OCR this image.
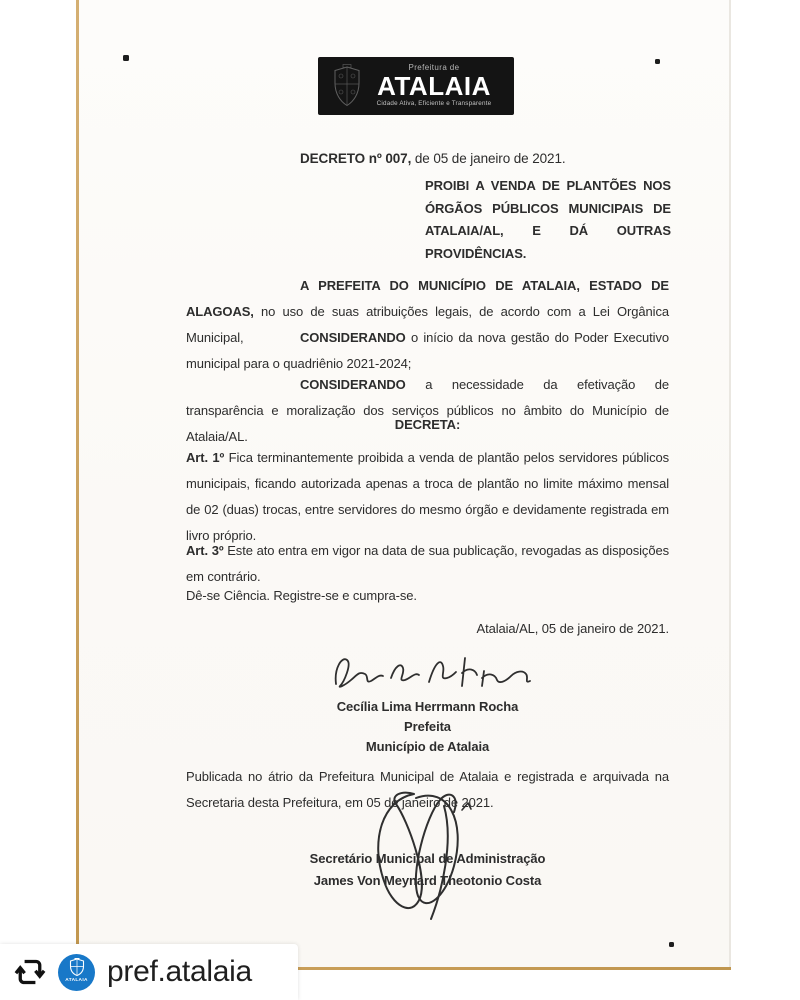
Prefeitura de
ATALAIA
Cidade Ativa, Eficiente e Transparente

DECRETO nº 007, de 05 de janeiro de 2021.

PROIBI A VENDA DE PLANTÕES NOS ÓRGÃOS PÚBLICOS MUNICIPAIS DE ATALAIA/AL, E DÁ OUTRAS PROVIDÊNCIAS.

A PREFEITA DO MUNICÍPIO DE ATALAIA, ESTADO DE ALAGOAS, no uso de suas atribuições legais, de acordo com a Lei Orgânica Municipal,	CONSIDERANDO o início da nova gestão do Poder Executivo municipal para o quadriênio 2021-2024;

CONSIDERANDO a necessidade da efetivação de transparência e moralização dos serviços públicos no âmbito do Município de Atalaia/AL.

DECRETA:

Art. 1º Fica terminantemente proibida a venda de plantão pelos servidores públicos municipais, ficando autorizada apenas a troca de plantão no limite máximo mensal de 02 (duas) trocas, entre servidores do mesmo órgão e devidamente registrada em livro próprio.

Art. 3º Este ato entra em vigor na data de sua publicação, revogadas as disposições em contrário.

Dê-se Ciência. Registre-se e cumpra-se.

Atalaia/AL, 05 de janeiro de 2021.

Cecília Lima Herrmann Rocha
Prefeita
Município de Atalaia

Publicada no átrio da Prefeitura Municipal de Atalaia e registrada e arquivada na Secretaria desta Prefeitura, em 05 de janeiro de 2021.

Secretário Municipal de Administração
James Von Meynard Theotonio Costa

ATALAIA pref.atalaia
